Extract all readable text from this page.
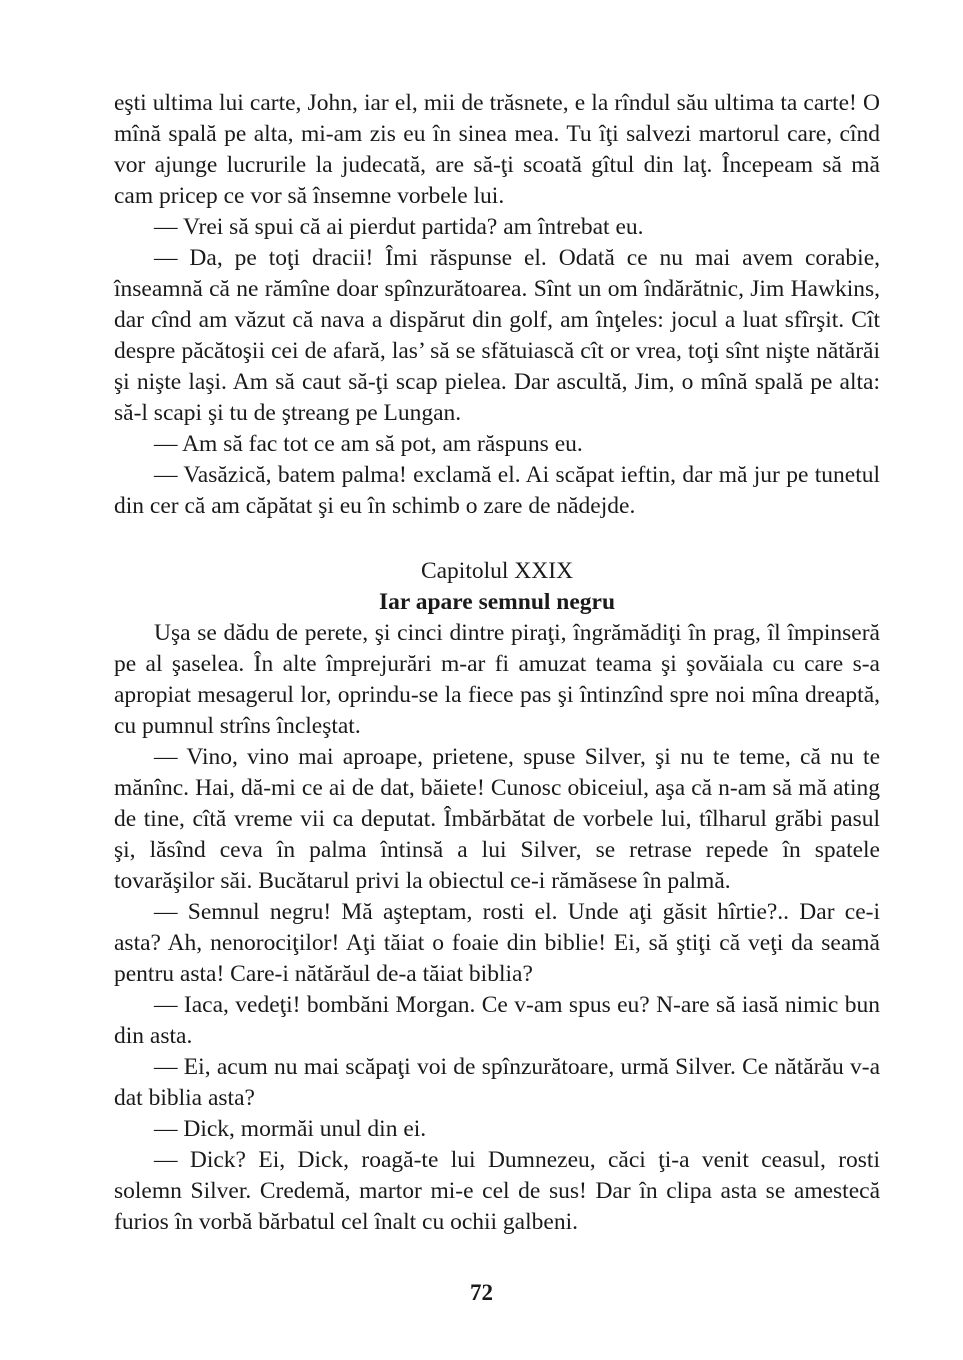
eşti ultima lui carte, John, iar el, mii de trăsnete, e la rîndul său ultima ta carte! O mînă spală pe alta, mi-am zis eu în sinea mea. Tu îţi salvezi martorul care, cînd vor ajunge lucrurile la judecată, are să-ţi scoată gîtul din laţ. Începeam să mă cam pricep ce vor să însemne vorbele lui.

— Vrei să spui că ai pierdut partida? am întrebat eu.

— Da, pe toţi dracii! Îmi răspunse el. Odată ce nu mai avem corabie, înseamnă că ne rămîne doar spînzurătoarea. Sînt un om îndărătnic, Jim Hawkins, dar cînd am văzut că nava a dispărut din golf, am înţeles: jocul a luat sfîrşit. Cît despre păcătoşii cei de afară, las’ să se sfătuiască cît or vrea, toţi sînt nişte nătărăi şi nişte laşi. Am să caut să-ţi scap pielea. Dar ascultă, Jim, o mînă spală pe alta: să-l scapi şi tu de ştreang pe Lungan.

— Am să fac tot ce am să pot, am răspuns eu.

— Vasăzică, batem palma! exclamă el. Ai scăpat ieftin, dar mă jur pe tunetul din cer că am căpătat şi eu în schimb o zare de nădejde.

Capitolul XXIX

Iar apare semnul negru

Uşa se dădu de perete, şi cinci dintre piraţi, îngrămădiţi în prag, îl împinseră pe al şaselea. În alte împrejurări m-ar fi amuzat teama şi şovăiala cu care s-a apropiat mesagerul lor, oprindu-se la fiece pas şi întinzînd spre noi mîna dreaptă, cu pumnul strîns încleştat.

— Vino, vino mai aproape, prietene, spuse Silver, şi nu te teme, că nu te mănînc. Hai, dă-mi ce ai de dat, băiete! Cunosc obiceiul, aşa că n-am să mă ating de tine, cîtă vreme vii ca deputat. Îmbărbătat de vorbele lui, tîlharul grăbi pasul şi, lăsînd ceva în palma întinsă a lui Silver, se retrase repede în spatele tovarăşilor săi. Bucătarul privi la obiectul ce-i rămăsese în palmă.

— Semnul negru! Mă aşteptam, rosti el. Unde aţi găsit hîrtie?.. Dar ce-i asta? Ah, nenorociţilor! Aţi tăiat o foaie din biblie! Ei, să ştiţi că veţi da seamă pentru asta! Care-i nătărăul de-a tăiat biblia?

— Iaca, vedeţi! bombăni Morgan. Ce v-am spus eu? N-are să iasă nimic bun din asta.

— Ei, acum nu mai scăpaţi voi de spînzurătoare, urmă Silver. Ce nătărău v-a dat biblia asta?

— Dick, mormăi unul din ei.

— Dick? Ei, Dick, roagă-te lui Dumnezeu, căci ţi-a venit ceasul, rosti solemn Silver. Credemă, martor mi-e cel de sus! Dar în clipa asta se amestecă furios în vorbă bărbatul cel înalt cu ochii galbeni.

72
